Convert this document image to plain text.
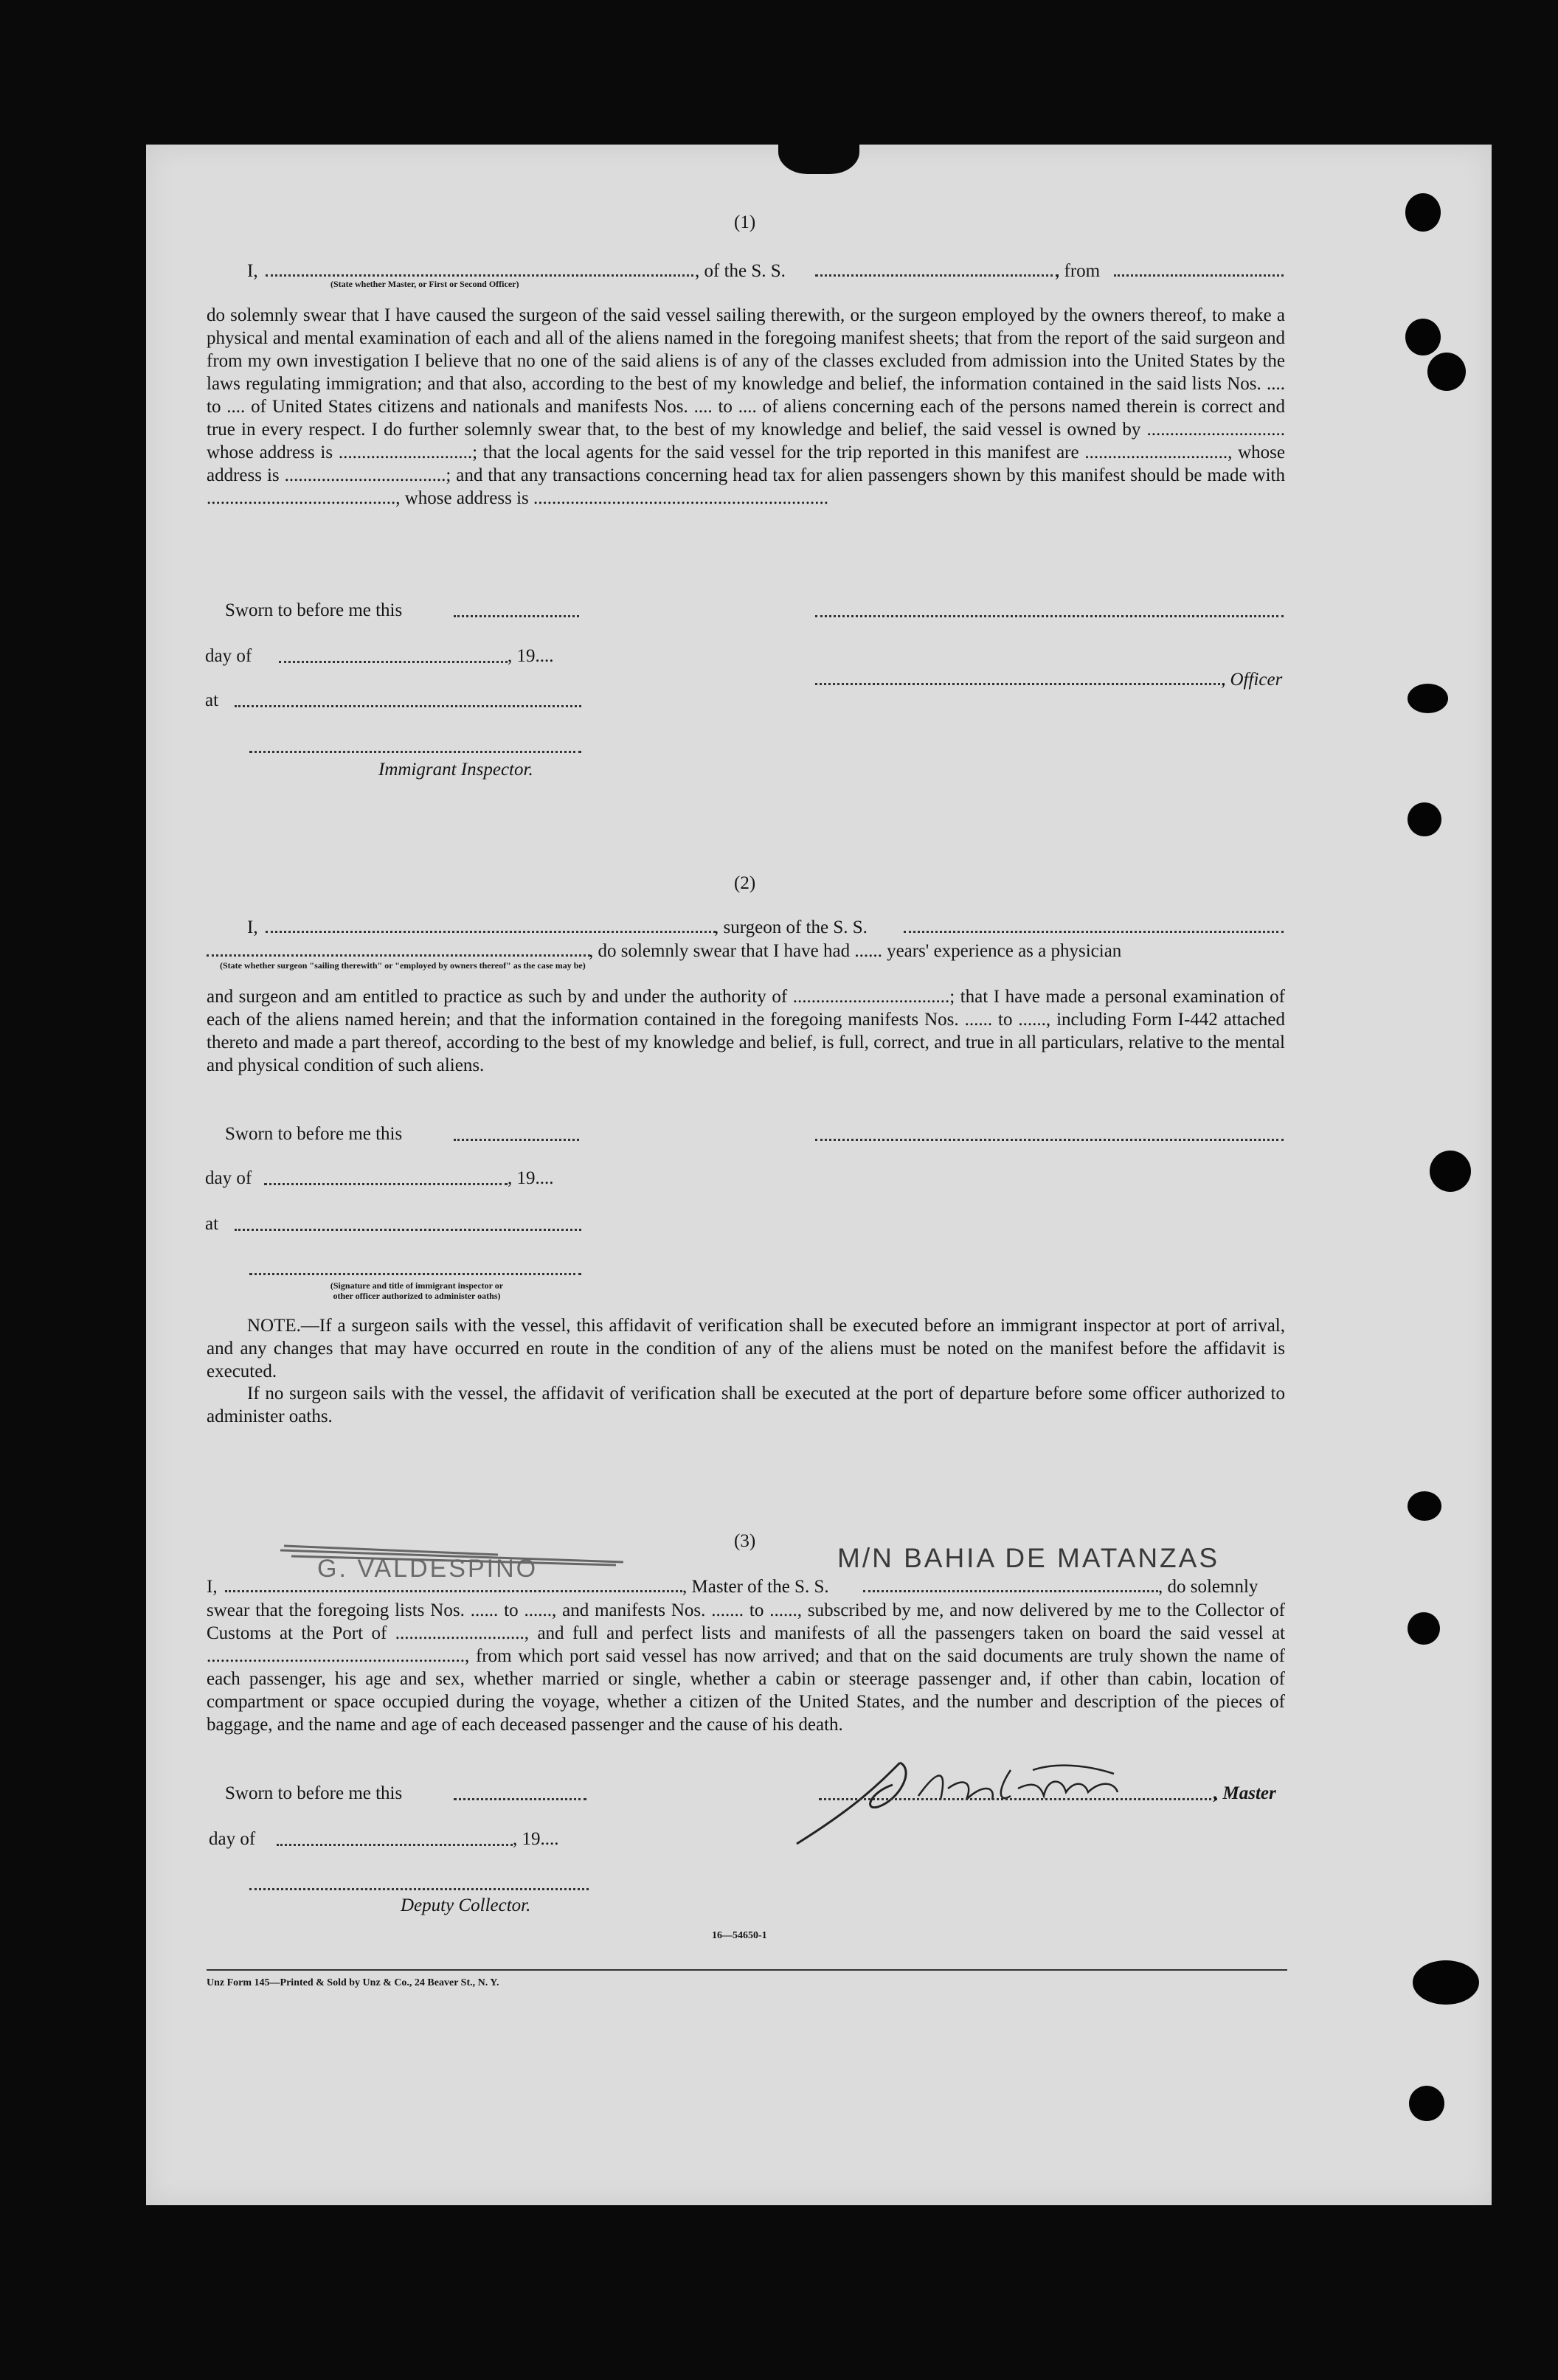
(1)
I,	, of the S. S.	, from
(State whether Master, or First or Second Officer)
do solemnly swear that I have caused the surgeon of the said vessel sailing therewith, or the surgeon employed by the owners thereof, to make a physical and mental examination of each and all of the aliens named in the foregoing manifest sheets; that from the report of the said surgeon and from my own investigation I believe that no one of the said aliens is of any of the classes excluded from admission into the United States by the laws regulating immigration; and that also, according to the best of my knowledge and belief, the information contained in the said lists Nos. .... to .... of United States citizens and nationals and manifests Nos. .... to .... of aliens concerning each of the persons named therein is correct and true in every respect. I do further solemnly swear that, to the best of my knowledge and belief, the said vessel is owned by .............................. whose address is .............................; that the local agents for the said vessel for the trip reported in this manifest are ..............................., whose address is ...................................; and that any transactions concerning head tax for alien passengers shown by this manifest should be made with ........................................., whose address is ................................................................
Sworn to before me this
day of	, 19....
, Officer
at
Immigrant Inspector.
(2)
I,	, surgeon of the S. S.
, do solemnly swear that I have had ...... years' experience as a physician
(State whether surgeon "sailing therewith" or "employed by owners thereof" as the case may be)
and surgeon and am entitled to practice as such by and under the authority of ..................................; that I have made a personal examination of each of the aliens named herein; and that the information contained in the foregoing manifests Nos. ...... to ......, including Form I-442 attached thereto and made a part thereof, according to the best of my knowledge and belief, is full, correct, and true in all particulars, relative to the mental and physical condition of such aliens.
Sworn to before me this
day of	, 19....
at
(Signature and title of immigrant inspector or
other officer authorized to administer oaths)
NOTE.—If a surgeon sails with the vessel, this affidavit of verification shall be executed before an immigrant inspector at port of arrival, and any changes that may have occurred en route in the condition of any of the aliens must be noted on the manifest before the affidavit is executed.
If no surgeon sails with the vessel, the affidavit of verification shall be executed at the port of departure before some officer authorized to administer oaths.
(3)
G. VALDESPINO	M/N BAHIA DE MATANZAS
I,	, Master of the S. S.	, do solemnly
swear that the foregoing lists Nos. ...... to ......, and manifests Nos. ....... to ......, subscribed by me, and now delivered by me to the Collector of Customs at the Port of ............................, and full and perfect lists and manifests of all the passengers taken on board the said vessel at ........................................................, from which port said vessel has now arrived; and that on the said documents are truly shown the name of each passenger, his age and sex, whether married or single, whether a cabin or steerage passenger and, if other than cabin, location of compartment or space occupied during the voyage, whether a citizen of the United States, and the number and description of the pieces of baggage, and the name and age of each deceased passenger and the cause of his death.
Sworn to before me this	, Master
day of	, 19....
Deputy Collector.
16—54650-1
Unz Form 145—Printed & Sold by Unz & Co., 24 Beaver St., N. Y.
